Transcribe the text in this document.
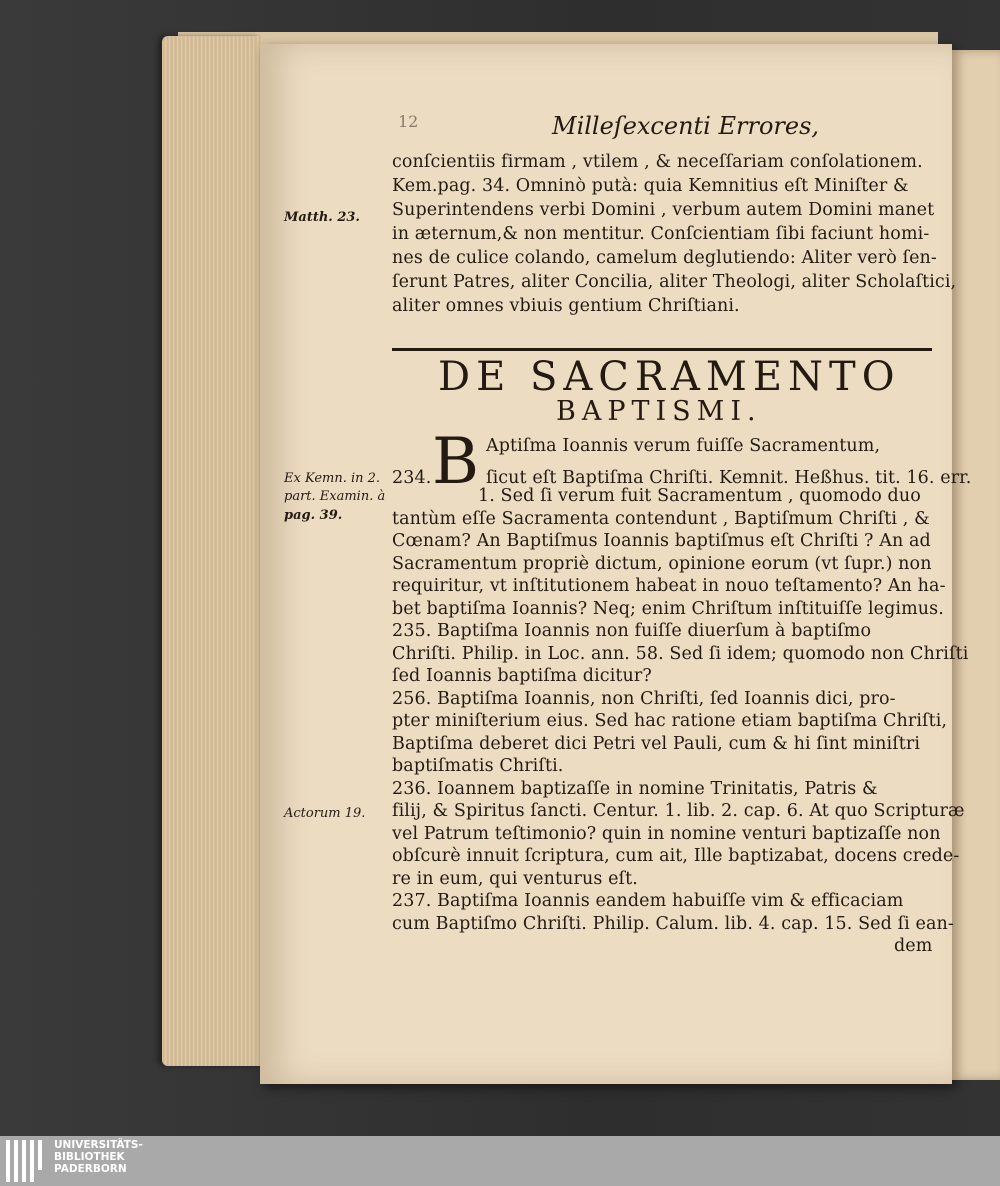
12	Milleſexcenti Errores,
conſcientiis firmam , vtilem , & neceſſariam conſolationem.
Kem.pag. 34. Omninò putà: quia Kemnitius eſt Miniſter &
Superintendens verbi Domini , verbum autem Domini manet
in æternum,& non mentitur. Conſcientiam ſibi faciunt homi-
nes de culice colando, camelum deglutiendo: Aliter verò ſen-
ſerunt Patres, aliter Concilia, aliter Theologi, aliter Scholaſtici,
aliter omnes vbiuis gentium Chriſtiani.
Matth. 23.
DE SACRAMENTO
BAPTISMI.
B
234.
Ex Kemn. in 2.
part. Examin. à
pag. 39.
Actorum 19.
Aptiſma Ioannis verum fuiſſe Sacramentum,
ſicut eſt Baptiſma Chriſti. Kemnit. Heßhus. tit. 16. err.
1. Sed ſi verum fuit Sacramentum , quomodo duo
tantùm eſſe Sacramenta contendunt , Baptiſmum Chriſti , &
Cœnam? An Baptiſmus Ioannis baptiſmus eſt Chriſti ? An ad
Sacramentum propriè dictum, opinione eorum (vt ſupr.) non
requiritur, vt inſtitutionem habeat in nouo teſtamento? An ha-
bet baptiſma Ioannis? Neq; enim Chriſtum inſtituiſſe legimus.
235. Baptiſma Ioannis non fuiſſe diuerſum à baptiſmo
Chriſti. Philip. in Loc. ann. 58. Sed ſi idem; quomodo non Chriſti
ſed Ioannis baptiſma dicitur?
256. Baptiſma Ioannis, non Chriſti, ſed Ioannis dici, pro-
pter miniſterium eius. Sed hac ratione etiam baptiſma Chriſti,
Baptiſma deberet dici Petri vel Pauli, cum & hi ſint miniſtri
baptiſmatis Chriſti.
236. Ioannem baptizaſſe in nomine Trinitatis, Patris &
filij, & Spiritus ſancti. Centur. 1. lib. 2. cap. 6. At quo Scripturæ
vel Patrum teſtimonio? quin in nomine venturi baptizaſſe non
obſcurè innuit ſcriptura, cum ait, Ille baptizabat, docens crede-
re in eum, qui venturus eſt.
237. Baptiſma Ioannis eandem habuiſſe vim & efficaciam
cum Baptiſmo Chriſti. Philip. Calum. lib. 4. cap. 15. Sed ſi ean-
dem
UNIVERSITÄTS-
BIBLIOTHEK
PADERBORN
